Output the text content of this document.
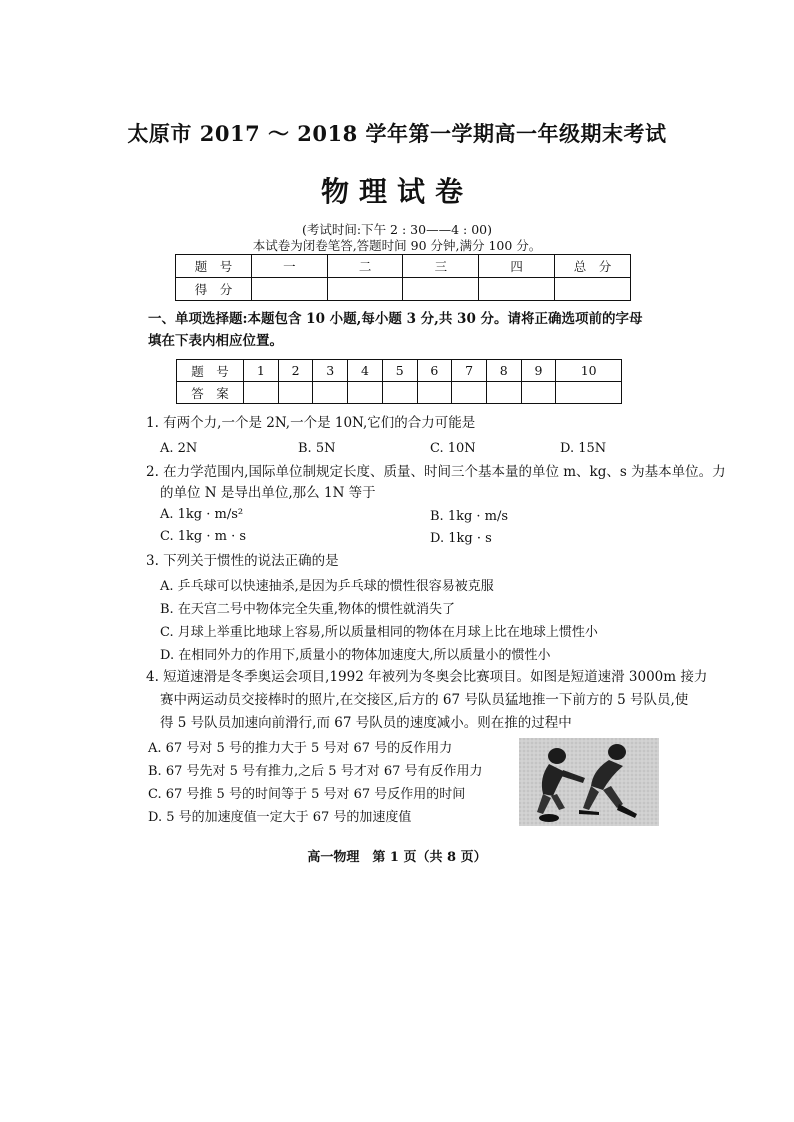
太原市 2017 ～ 2018 学年第一学期高一年级期末考试
物理试卷
(考试时间:下午 2 : 30——4 : 00)
本试卷为闭卷笔答,答题时间 90 分钟,满分 100 分。
题　号	一	二	三	四	总　分
得　分					
一、单项选择题:本题包含 10 小题,每小题 3 分,共 30 分。请将正确选项前的字母填在下表内相应位置。
题　号	1	2	3	4	5	6	7	8	9	10
答　案										
1. 有两个力,一个是 2N,一个是 10N,它们的合力可能是
A. 2N	B. 5N	C. 10N	D. 15N
2. 在力学范围内,国际单位制规定长度、质量、时间三个基本量的单位 m、kg、s 为基本单位。力
的单位 N 是导出单位,那么 1N 等于
A. 1kg · m/s²	B. 1kg · m/s
C. 1kg · m · s	D. 1kg · s
3. 下列关于惯性的说法正确的是
A. 乒乓球可以快速抽杀,是因为乒乓球的惯性很容易被克服
B. 在天宫二号中物体完全失重,物体的惯性就消失了
C. 月球上举重比地球上容易,所以质量相同的物体在月球上比在地球上惯性小
D. 在相同外力的作用下,质量小的物体加速度大,所以质量小的惯性小
4. 短道速滑是冬季奥运会项目,1992 年被列为冬奥会比赛项目。如图是短道速滑 3000m 接力
赛中两运动员交接棒时的照片,在交接区,后方的 67 号队员猛地推一下前方的 5 号队员,使
得 5 号队员加速向前滑行,而 67 号队员的速度减小。则在推的过程中
A. 67 号对 5 号的推力大于 5 号对 67 号的反作用力
B. 67 号先对 5 号有推力,之后 5 号才对 67 号有反作用力
C. 67 号推 5 号的时间等于 5 号对 67 号反作用的时间
D. 5 号的加速度值一定大于 67 号的加速度值
高一物理　第 1 页（共 8 页）
